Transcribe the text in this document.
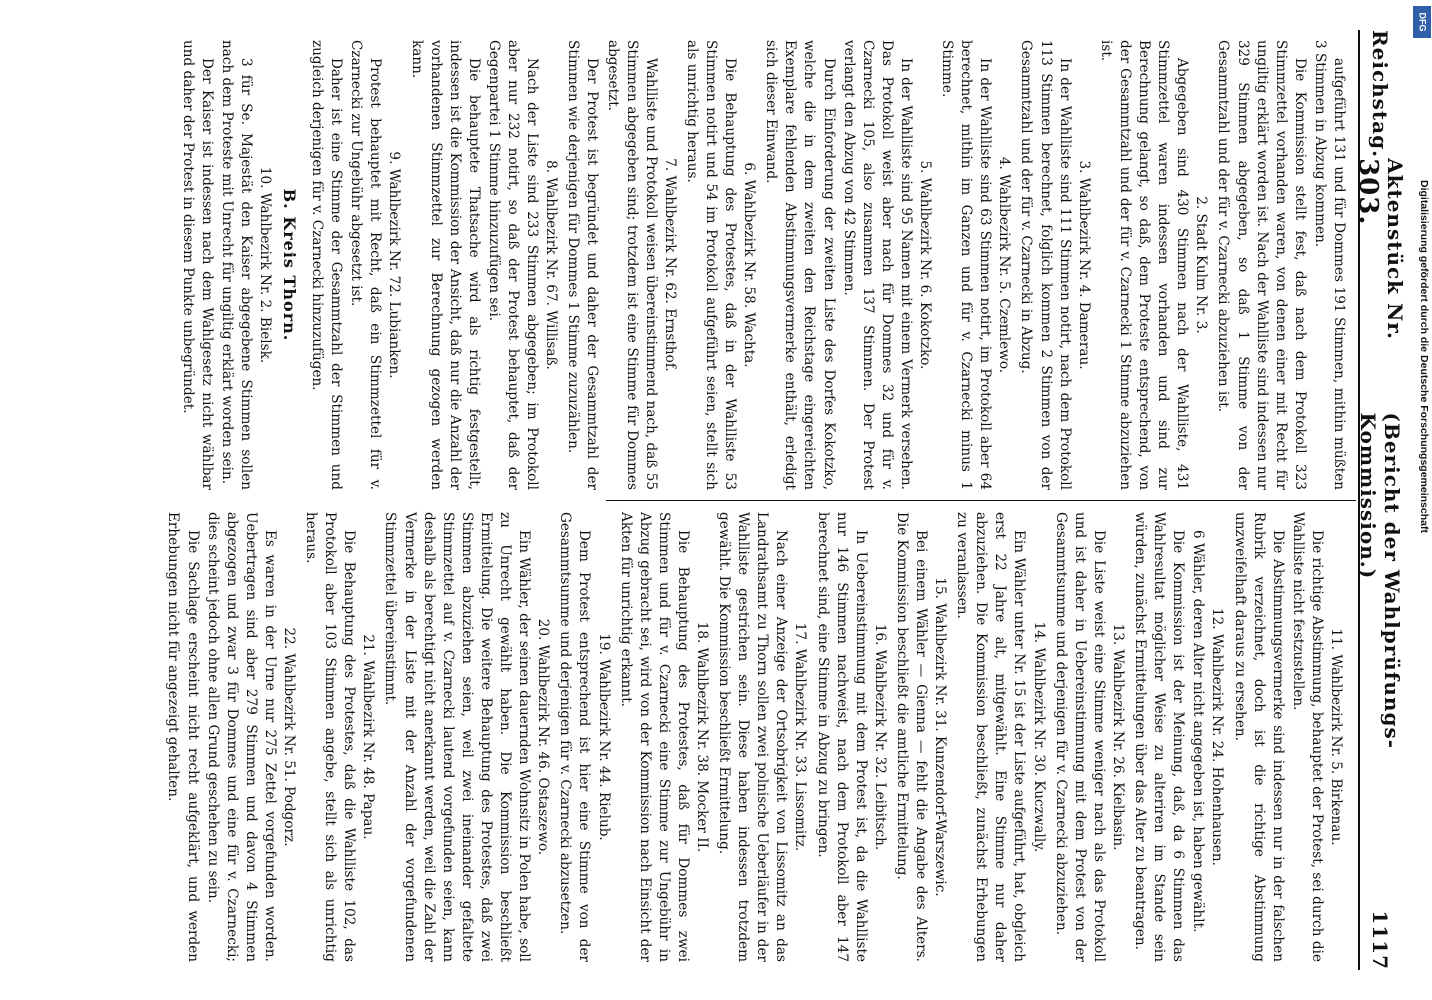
Reichstag.
Aktenstück Nr. 303.
(Bericht der Wahlprüfungs-Kommission.)
1117

aufgeführt 131 und für Dommes 191 Stimmen, mithin müßten 3 Stimmen in Abzug kommen.

Die Kommission stellt fest, daß nach dem Protokoll 323 Stimmzettel vorhanden waren, von denen einer mit Recht für ungiltig erklärt worden ist. Nach der Wahlliste sind indessen nur 329 Stimmen abgegeben, so daß 1 Stimme von der Gesammtzahl und der für v. Czarnecki abzuziehen ist.

2. Stadt Kulm Nr. 3.

Abgegeben sind 430 Stimmen nach der Wahlliste, 431 Stimmzettel waren indessen vorhanden und sind zur Berechnung gelangt, so daß, dem Proteste entsprechend, von der Gesammtzahl und der für v. Czarnecki 1 Stimme abzuziehen ist.

3. Wahlbezirk Nr. 4. Damerau.

In der Wahlliste sind 111 Stimmen notirt, nach dem Protokoll 113 Stimmen berechnet, folglich kommen 2 Stimmen von der Gesammtzahl und der für v. Czarnecki in Abzug.

4. Wahlbezirk Nr. 5. Czemlewo.

In der Wahlliste sind 63 Stimmen notirt, im Protokoll aber 64 berechnet, mithin im Ganzen und für v. Czarnecki minus 1 Stimme.

5. Wahlbezirk Nr. 6. Kokotzko.

In der Wahlliste sind 95 Namen mit einem Vermerk versehen. Das Protokoll weist aber nach für Dommes 32 und für v. Czarnecki 105, also zusammen 137 Stimmen. Der Protest verlangt den Abzug von 42 Stimmen.

Durch Einforderung der zweiten Liste des Dorfes Kokotzko, welche die in dem zweiten den Reichstage eingereichten Exemplare fehlenden Abstimmungsvermerke enthält, erledigt sich dieser Einwand.

6. Wahlbezirk Nr. 58. Wachta.

Die Behauptung des Protestes, daß in der Wahlliste 53 Stimmen notirt und 54 im Protokoll aufgeführt seien, stellt sich als unrichtig heraus.

7. Wahlbezirk Nr. 62. Ernsthof.

Wahlliste und Protokoll weisen übereinstimmend nach, daß 55 Stimmen abgegeben sind; trotzdem ist eine Stimme für Dommes abgesetzt.

Der Protest ist begründet und daher der Gesammtzahl der Stimmen wie derjenigen für Dommes 1 Stimme zuzuzählen.

8. Wahlbezirk Nr. 67. Willisaß.

Nach der Liste sind 233 Stimmen abgegeben; im Protokoll aber nur 232 notirt, so daß der Protest behauptet, daß der Gegenpartei 1 Stimme hinzuzufügen sei.

Die behauptete Thatsache wird als richtig festgestellt, indessen ist die Kommission der Ansicht, daß nur die Anzahl der vorhandenen Stimmzettel zur Berechnung gezogen werden kann.

9. Wahlbezirk Nr. 72. Lubianken.

Protest behauptet mit Recht, daß ein Stimmzettel für v. Czarnecki zur Ungebühr abgesetzt ist.

Daher ist eine Stimme der Gesammtzahl der Stimmen und zugleich derjenigen für v. Czarnecki hinzuzufügen.

B. Kreis Thorn.

10. Wahlbezirk Nr. 2. Bielsk.

3 für Se. Majestät den Kaiser abgegebene Stimmen sollen nach dem Proteste mit Unrecht für ungiltig erklärt worden sein.

Der Kaiser ist indessen nach dem Wahlgesetz nicht wählbar und daher der Protest in diesem Punkte unbegründet.

11. Wahlbezirk Nr. 5. Birkenau.

Die richtige Abstimmung, behauptet der Protest, sei durch die Wahlliste nicht festzustellen.

Die Abstimmungsvermerke sind indessen nur in der falschen Rubrik verzeichnet, doch ist die richtige Abstimmung unzweifelhaft daraus zu ersehen.

12. Wahlbezirk Nr. 24. Hohenhausen.

6 Wähler, deren Alter nicht angegeben ist, haben gewählt.

Die Kommission ist der Meinung, daß, da 6 Stimmen das Wahlresultat möglicher Weise zu alteriren im Stande sein würden, zunächst Ermittelungen über das Alter zu beantragen.

13. Wahlbezirk Nr. 26. Kielbasin.

Die Liste weist eine Stimme weniger nach als das Protokoll und ist daher in Uebereinstimmung mit dem Protest von der Gesammtsumme und derjenigen für v. Czarnecki abzuziehen.

14. Wahlbezirk Nr. 30. Kuczwally.

Ein Wähler unter Nr. 15 ist der Liste aufgeführt, hat, obgleich erst 22 Jahre alt, mitgewählt. Eine Stimme nur daher abzuziehen. Die Kommission beschließt, zunächst Erhebungen zu veranlassen.

15. Wahlbezirk Nr. 31. Kunzendorf-Warszewic.

Bei einem Wähler — Gienna — fehlt die Angabe des Alters. Die Kommission beschließt die amtliche Ermittelung.

16. Wahlbezirk Nr. 32. Leibitsch.

In Uebereinstimmung mit dem Protest ist, da die Wahlliste nur 146 Stimmen nachweist, nach dem Protokoll aber 147 berechnet sind, eine Stimme in Abzug zu bringen.

17. Wahlbezirk Nr. 33. Lissomitz.

Nach einer Anzeige der Ortsobrigkeit von Lissomitz an das Landrathsamt zu Thorn sollen zwei polnische Ueberläufer in der Wahlliste gestrichen sein. Diese haben indessen trotzdem gewählt. Die Kommission beschließt Ermittelung.

18. Wahlbezirk Nr. 38. Mocker II.

Die Behauptung des Protestes, daß für Dommes zwei Stimmen und für v. Czarnecki eine Stimme zur Ungebühr in Abzug gebracht sei, wird von der Kommission nach Einsicht der Akten für unrichtig erkannt.

19. Wahlbezirk Nr. 44. Rielub.

Dem Protest entsprechend ist hier eine Stimme von der Gesammtsumme und derjenigen für v. Czarnecki abzusetzen.

20. Wahlbezirk Nr. 46. Ostaszewo.

Ein Wähler, der seinen dauernden Wohnsitz in Polen habe, soll zu Unrecht gewählt haben. Die Kommission beschließt Ermittelung. Die weitere Behauptung des Protestes, daß zwei Stimmen abzuziehen seien, weil zwei ineinander gefaltete Stimmzettel auf v. Czarnecki lautend vorgefunden seien, kann deshalb als berechtigt nicht anerkannt werden, weil die Zahl der Vermerke in der Liste mit der Anzahl der vorgefundenen Stimmzettel übereinstimmt.

21. Wahlbezirk Nr. 48. Papau.

Die Behauptung des Protestes, daß die Wahlliste 102, das Protokoll aber 103 Stimmen angebe, stellt sich als unrichtig heraus.

22. Wahlbezirk Nr. 51. Podgorz.

Es waren in der Urne nur 275 Zettel vorgefunden worden. Uebertragen sind aber 279 Stimmen und davon 4 Stimmen abgezogen und zwar 3 für Dommes und eine für v. Czarnecki; dies scheint jedoch ohne allen Grund geschehen zu sein.

Die Sachlage erscheint nicht recht aufgeklärt, und werden Erhebungen nicht für angezeigt gehalten.

Digitalisierung gefördert durch die Deutsche Forschungsgemeinschaft
DFG
